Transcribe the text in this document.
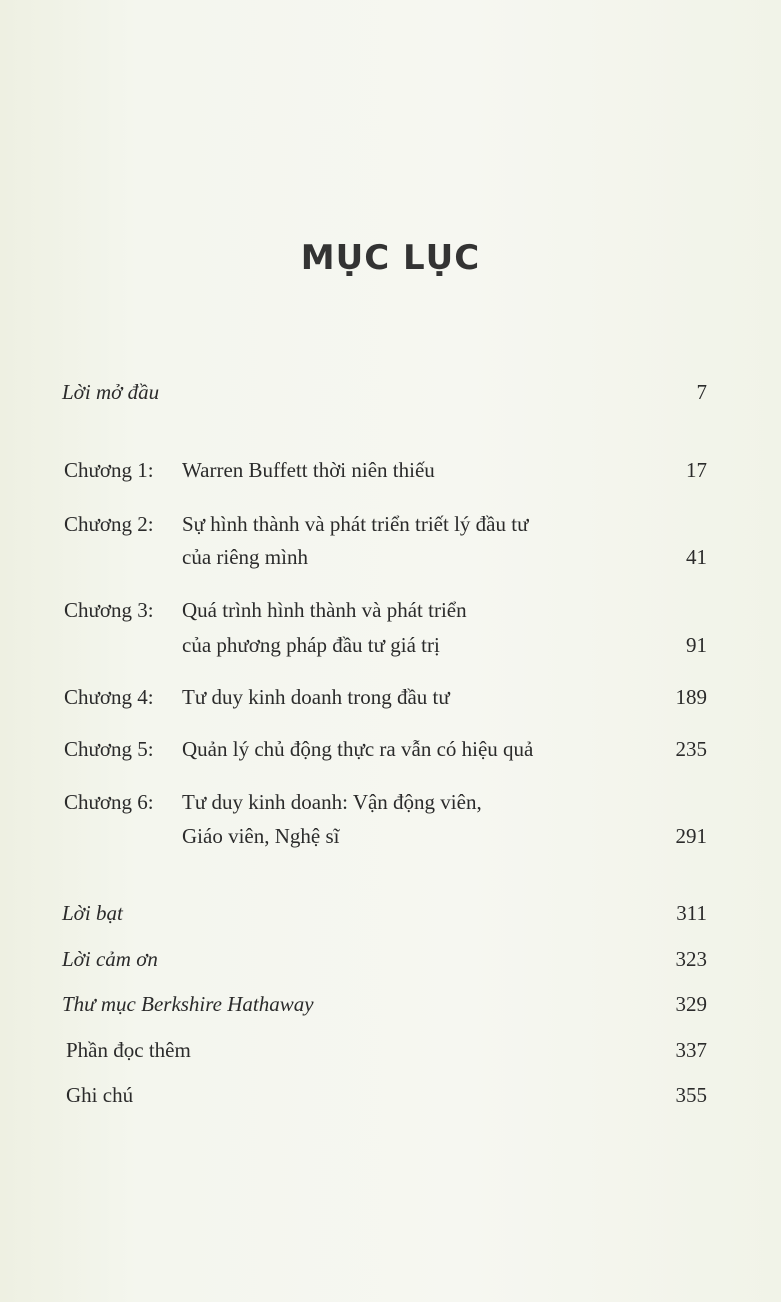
MỤC LỤC
Lời mở đầu	7
Chương 1: Warren Buffett thời niên thiếu	17
Chương 2: Sự hình thành và phát triển triết lý đầu tư
của riêng mình	41
Chương 3: Quá trình hình thành và phát triển
của phương pháp đầu tư giá trị	91
Chương 4: Tư duy kinh doanh trong đầu tư	189
Chương 5: Quản lý chủ động thực ra vẫn có hiệu quả	235
Chương 6: Tư duy kinh doanh: Vận động viên,
Giáo viên, Nghệ sĩ	291
Lời bạt	311
Lời cảm ơn	323
Thư mục Berkshire Hathaway	329
Phần đọc thêm	337
Ghi chú	355
